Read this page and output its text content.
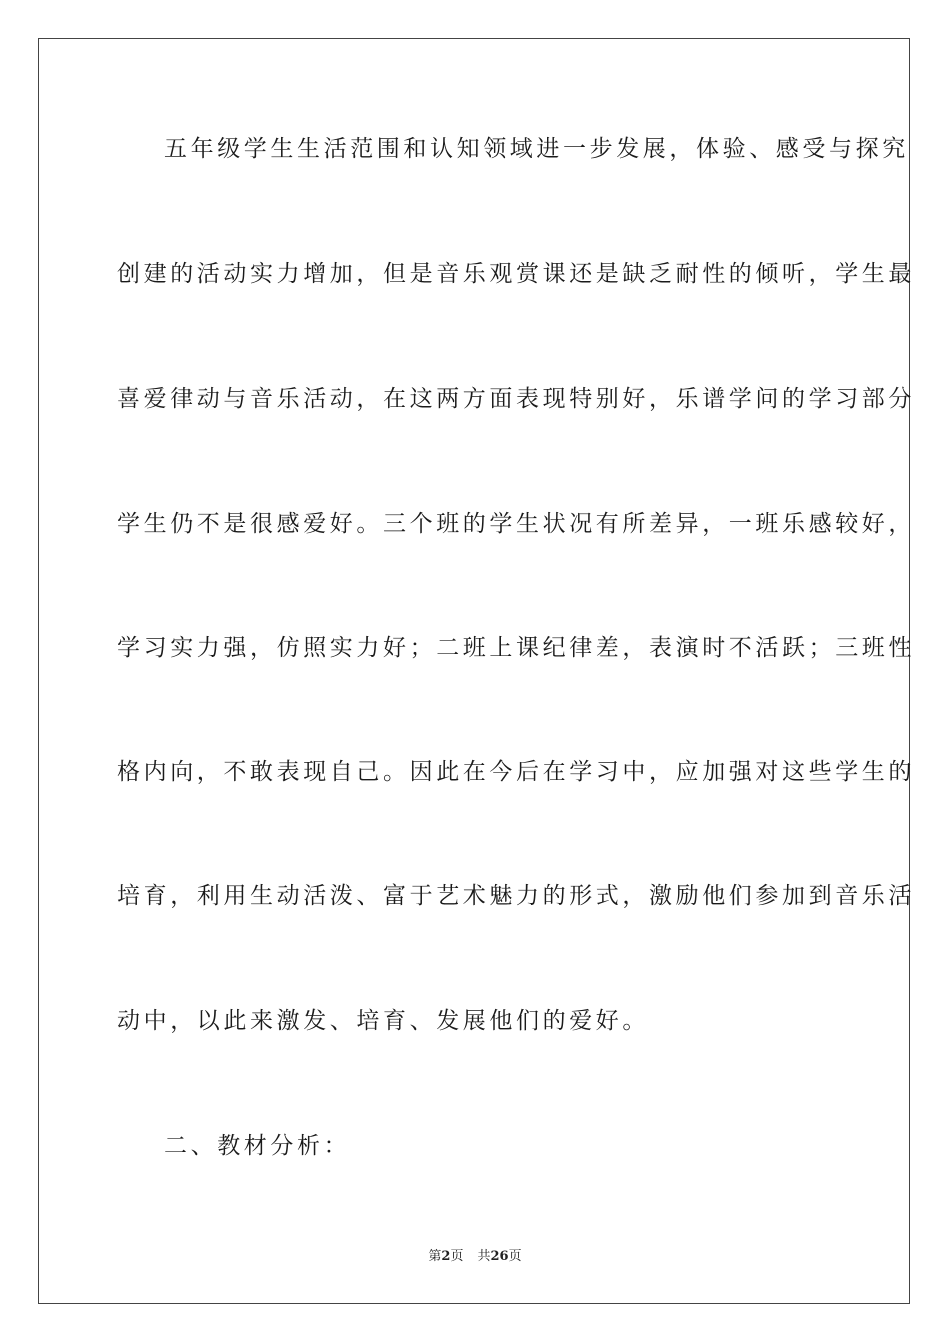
五年级学生生活范围和认知领域进一步发展，体验、感受与探究
创建的活动实力增加，但是音乐观赏课还是缺乏耐性的倾听，学生最
喜爱律动与音乐活动，在这两方面表现特别好，乐谱学问的学习部分
学生仍不是很感爱好。三个班的学生状况有所差异，一班乐感较好，
学习实力强，仿照实力好；二班上课纪律差，表演时不活跃；三班性
格内向，不敢表现自己。因此在今后在学习中，应加强对这些学生的
培育，利用生动活泼、富于艺术魅力的形式，激励他们参加到音乐活
动中，以此来激发、培育、发展他们的爱好。
二、教材分析：
第2页 共26页
